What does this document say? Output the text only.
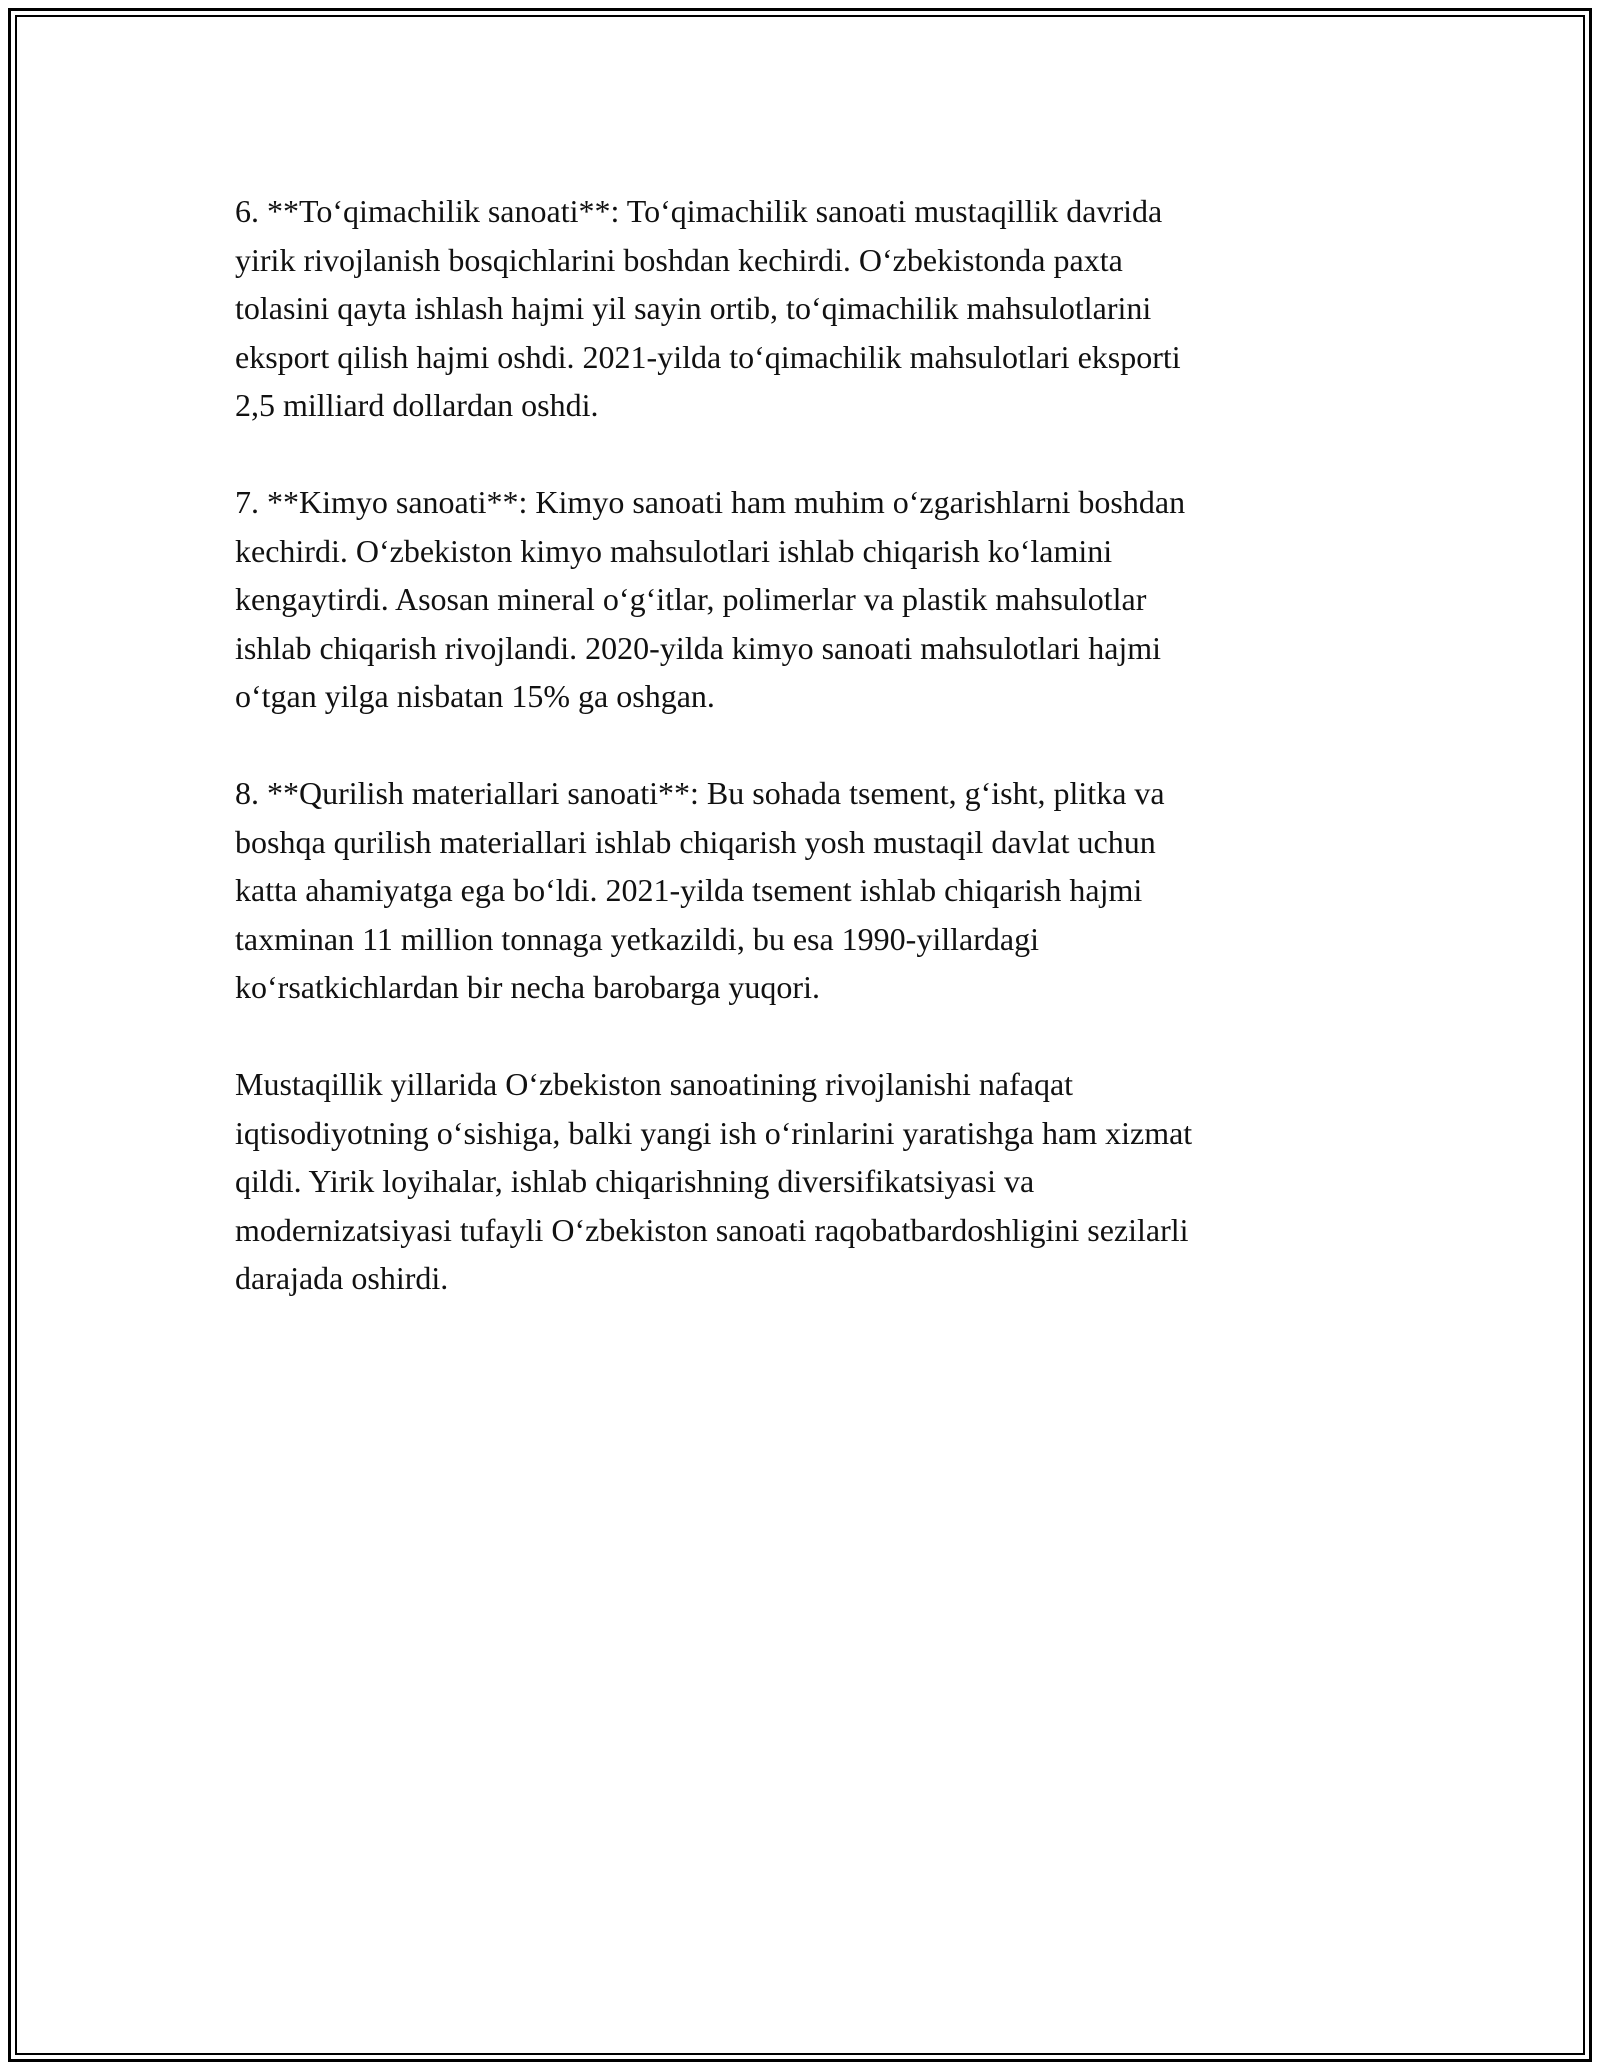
6. **To‘qimachilik sanoati**: To‘qimachilik sanoati mustaqillik davrida
yirik rivojlanish bosqichlarini boshdan kechirdi. O‘zbekistonda paxta
tolasini qayta ishlash hajmi yil sayin ortib, to‘qimachilik mahsulotlarini
eksport qilish hajmi oshdi. 2021-yilda to‘qimachilik mahsulotlari eksporti
2,5 milliard dollardan oshdi.

7. **Kimyo sanoati**: Kimyo sanoati ham muhim o‘zgarishlarni boshdan
kechirdi. O‘zbekiston kimyo mahsulotlari ishlab chiqarish ko‘lamini
kengaytirdi. Asosan mineral o‘g‘itlar, polimerlar va plastik mahsulotlar
ishlab chiqarish rivojlandi. 2020-yilda kimyo sanoati mahsulotlari hajmi
o‘tgan yilga nisbatan 15% ga oshgan.

8. **Qurilish materiallari sanoati**: Bu sohada tsement, g‘isht, plitka va
boshqa qurilish materiallari ishlab chiqarish yosh mustaqil davlat uchun
katta ahamiyatga ega bo‘ldi. 2021-yilda tsement ishlab chiqarish hajmi
taxminan 11 million tonnaga yetkazildi, bu esa 1990-yillardagi
ko‘rsatkichlardan bir necha barobarga yuqori.

Mustaqillik yillarida O‘zbekiston sanoatining rivojlanishi nafaqat
iqtisodiyotning o‘sishiga, balki yangi ish o‘rinlarini yaratishga ham xizmat
qildi. Yirik loyihalar, ishlab chiqarishning diversifikatsiyasi va
modernizatsiyasi tufayli O‘zbekiston sanoati raqobatbardoshligini sezilarli
darajada oshirdi.
